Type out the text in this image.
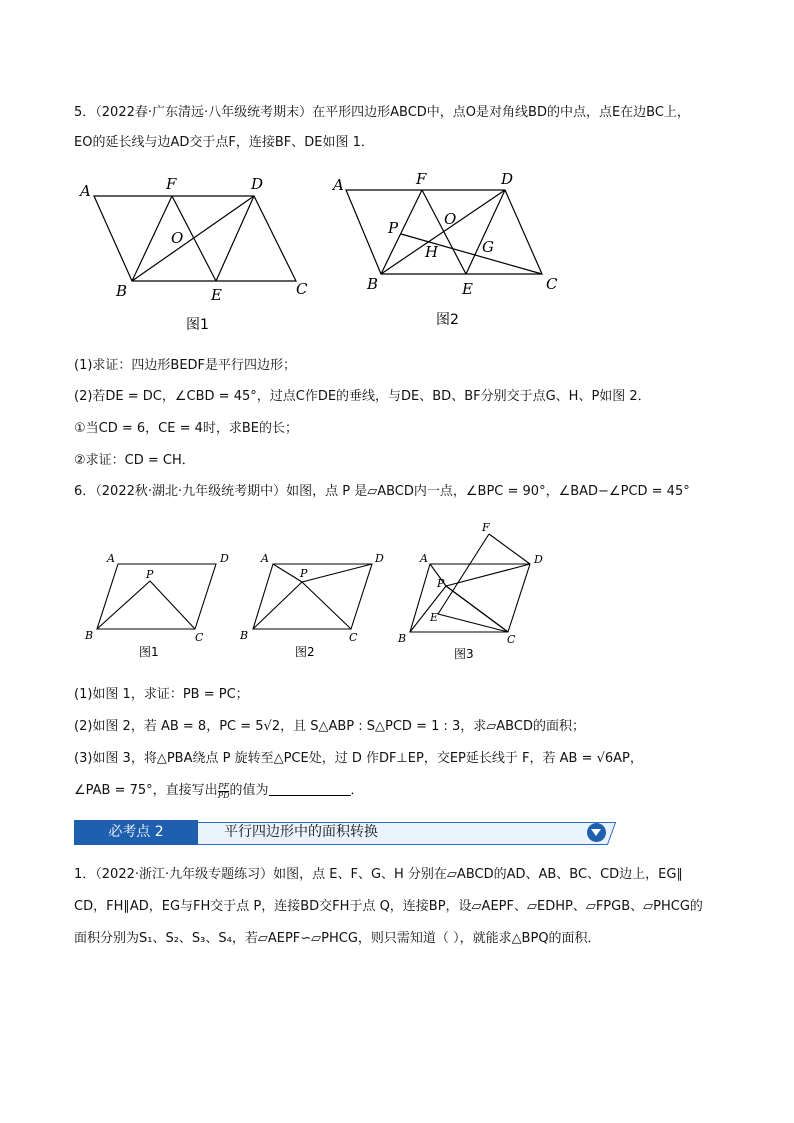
5．（2022春·广东清远·八年级统考期末）在平形四边形ABCD中，点O是对角线BD的中点，点E在边BC上，
EO的延长线与边AD交于点F，连接BF、DE如图 1．
A	F	D
O
B	E	C
图1
A	F	D
O
P
H	G
B	E	C
图2
(1)求证：四边形BEDF是平行四边形；
(2)若DE = DC，∠CBD = 45°，过点C作DE的垂线，与DE、BD、BF分别交于点G、H、P如图 2．
①当CD = 6，CE = 4时，求BE的长；
②求证：CD = CH．
6．（2022秋·湖北·九年级统考期中）如图，点 P 是▱ABCD内一点，∠BPC = 90°，∠BAD−∠PCD = 45°
A	D
P
B	C
图1
A	D
P
B	C
图2
F
A	D
P
E
B	C
图3
(1)如图 1，求证：PB = PC；
(2)如图 2，若 AB = 8，PC = 5√2，且 S△ABP : S△PCD = 1 : 3，求▱ABCD的面积；
(3)如图 3，将△PBA绕点 P 旋转至△PCE处，过 D 作DF⊥EP，交EP延长线于 F，若 AB = √6AP，
∠PAB = 75°，直接写出 $\frac{PF}{PD}$ 的值为	．
必考点 2	平行四边形中的面积转换
1．（2022·浙江·九年级专题练习）如图，点 E、F、G、H 分别在▱ABCD的AD、AB、BC、CD边上，EG∥
CD，FH∥AD，EG与FH交于点 P，连接BD交FH于点 Q，连接BP，设▱AEPF、▱EDHP、▱FPGB、▱PHCG的
面积分别为S₁、S₂、S₃、S₄，若▱AEPF∽▱PHCG，则只需知道（ ），就能求△BPQ的面积．
